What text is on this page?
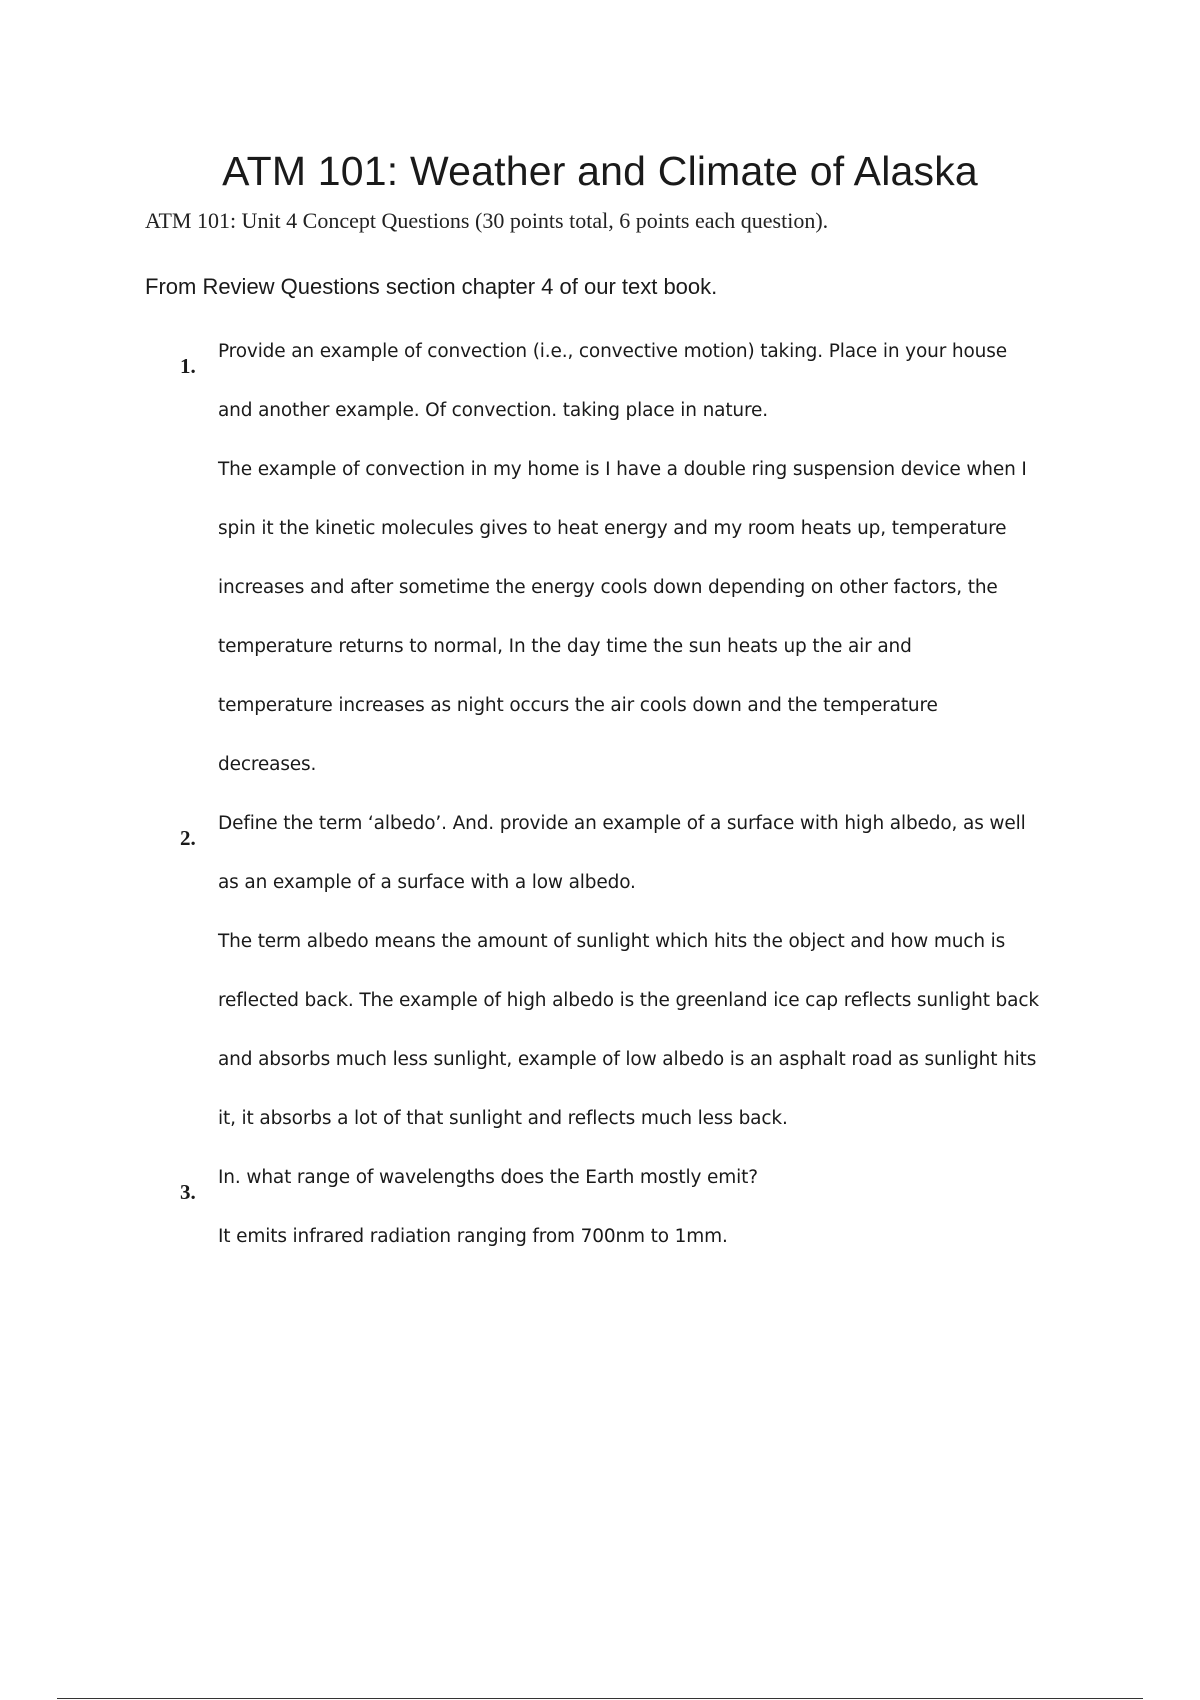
ATM 101: Weather and Climate of Alaska

ATM 101: Unit 4 Concept Questions (30 points total, 6 points each question).

From Review Questions section chapter 4 of our text book.

1.

Provide an example of convection (i.e., convective motion) taking. Place in your house
and another example. Of convection. taking place in nature.

The example of convection in my home is I have a double ring suspension device when I
spin it the kinetic molecules gives to heat energy and my room heats up, temperature
increases and after sometime the energy cools down depending on other factors, the
temperature returns to normal, In the day time the sun heats up the air and
temperature increases as night occurs the air cools down and the temperature
decreases.

2.

Define the term ‘albedo’. And. provide an example of a surface with high albedo, as well
as an example of a surface with a low albedo.

The term albedo means the amount of sunlight which hits the object and how much is
reflected back. The example of high albedo is the greenland ice cap reflects sunlight back
and absorbs much less sunlight, example of low albedo is an asphalt road as sunlight hits
it, it absorbs a lot of that sunlight and reflects much less back.

3.

In. what range of wavelengths does the Earth mostly emit?

It emits infrared radiation ranging from 700nm to 1mm.
